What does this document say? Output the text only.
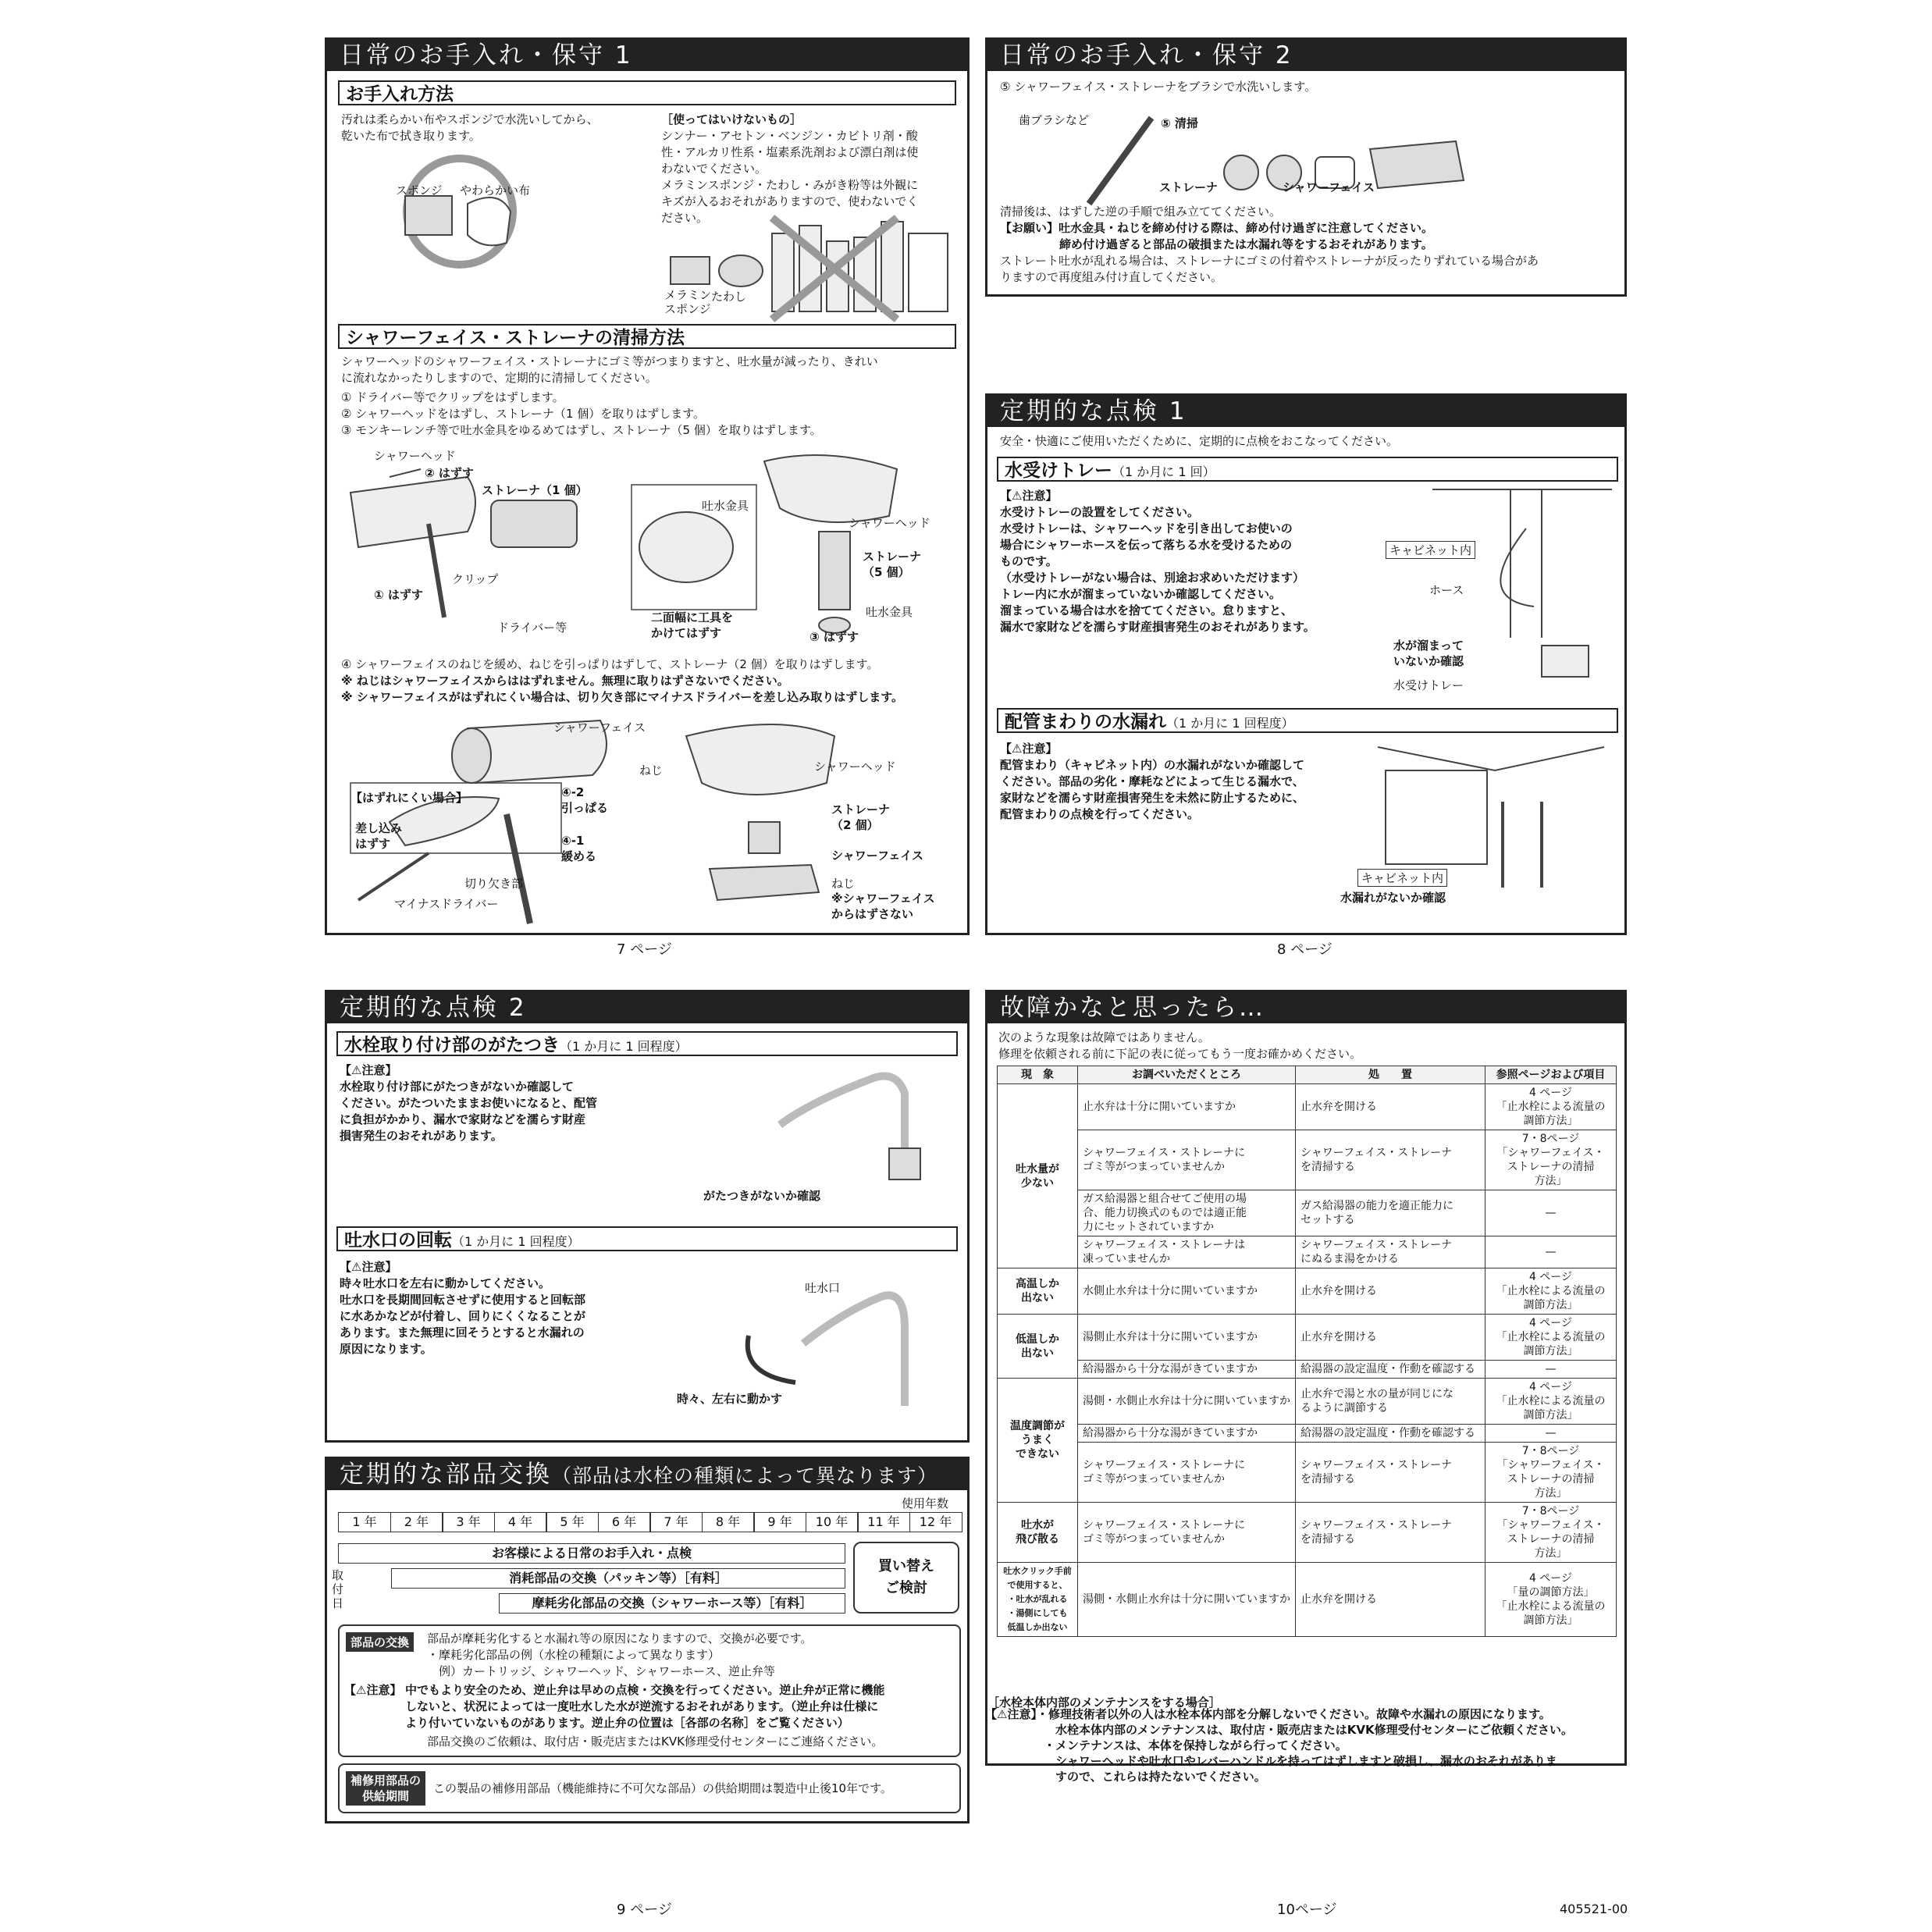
日常のお手入れ・保守 1
お手入れ方法
汚れは柔らかい布やスポンジで水洗いしてから、
乾いた布で拭き取ります。
スポンジ やわらかい布
［使ってはいけないもの］
シンナー・アセトン・ベンジン・カビトリ剤・酸
性・アルカリ性系・塩素系洗剤および漂白剤は使
わないでください。
メラミンスポンジ・たわし・みがき粉等は外観に
キズが入るおそれがありますので、使わないでく
ださい。
メラミン
スポンジ
たわし
シャワーフェイス・ストレーナの清掃方法
シャワーヘッドのシャワーフェイス・ストレーナにゴミ等がつまりますと、吐水量が減ったり、きれい
に流れなかったりしますので、定期的に清掃してください。
① ドライバー等でクリップをはずします。
② シャワーヘッドをはずし、ストレーナ（1 個）を取りはずします。
③ モンキーレンチ等で吐水金具をゆるめてはずし、ストレーナ（5 個）を取りはずします。
シャワーヘッド
② はずす
ストレーナ（1 個）
クリップ
① はずす
ドライバー等
吐水金具
シャワーヘッド
ストレーナ
（5 個）
吐水金具
二面幅に工具を
かけてはずす	③ はずす
④ シャワーフェイスのねじを緩め、ねじを引っぱりはずして、ストレーナ（2 個）を取りはずします。
※ ねじはシャワーフェイスからははずれません。無理に取りはずさないでください。
※ シャワーフェイスがはずれにくい場合は、切り欠き部にマイナスドライバーを差し込み取りはずします。
シャワーフェイス
ねじ
【はずれにくい場合】	④-2
引っぱる
差し込み
はずす	④-1
緩める
切り欠き部
マイナスドライバー
シャワーヘッド
ストレーナ
（2 個）
シャワーフェイス
ねじ
※シャワーフェイス
からはずさない
7 ページ
日常のお手入れ・保守 2
⑤ シャワーフェイス・ストレーナをブラシで水洗いします。
歯ブラシなど	⑤ 清掃
ストレーナ	シャワーフェイス
清掃後は、はずした逆の手順で組み立ててください。
【お願い】吐水金具・ねじを締め付ける際は、締め付け過ぎに注意してください。
締め付け過ぎると部品の破損または水漏れ等をするおそれがあります。
ストレート吐水が乱れる場合は、ストレーナにゴミの付着やストレーナが反ったりずれている場合があ
りますので再度組み付け直してください。
8 ページ
定期的な点検 1
安全・快適にご使用いただくために、定期的に点検をおこなってください。
水受けトレー（1 か月に 1 回）
【⚠注意】
水受けトレーの設置をしてください。
水受けトレーは、シャワーヘッドを引き出してお使いの
場合にシャワーホースを伝って落ちる水を受けるための
ものです。
（水受けトレーがない場合は、別途お求めいただけます）
トレー内に水が溜まっていないか確認してください。
溜まっている場合は水を捨ててください。怠りますと、
漏水で家財などを濡らす財産損害発生のおそれがあります。
キャビネット内
ホース
水が溜まって
いないか確認
水受けトレー
配管まわりの水漏れ（1 か月に 1 回程度）
【⚠注意】
配管まわり（キャビネット内）の水漏れがないか確認して
ください。部品の劣化・摩耗などによって生じる漏水で、
家財などを濡らす財産損害発生を未然に防止するために、
配管まわりの点検を行ってください。
キャビネット内
水漏れがないか確認
定期的な点検 2
水栓取り付け部のがたつき（1 か月に 1 回程度）
【⚠注意】
水栓取り付け部にがたつきがないか確認して
ください。がたついたままお使いになると、配管
に負担がかかり、漏水で家財などを濡らす財産
損害発生のおそれがあります。
がたつきがないか確認
吐水口の回転（1 か月に 1 回程度）
【⚠注意】
時々吐水口を左右に動かしてください。
吐水口を長期間回転させずに使用すると回転部
に水あかなどが付着し、回りにくくなることが
あります。また無理に回そうとすると水漏れの
原因になります。
吐水口
時々、左右に動かす
定期的な部品交換（部品は水栓の種類によって異なります）
使用年数
1 年	2 年	3 年	4 年	5 年	6 年	7 年	8 年	9 年	10 年	11 年	12 年
お客様による日常のお手入れ・点検
消耗部品の交換（パッキン等）［有料］
摩耗劣化部品の交換（シャワーホース等）［有料］
取
付
日
買い替え
ご検討
部品の交換	部品が摩耗劣化すると水漏れ等の原因になりますので、交換が必要です。
・摩耗劣化部品の例（水栓の種類によって異なります）
　例）カートリッジ、シャワーヘッド、シャワーホース、逆止弁等
【⚠注意】 中でもより安全のため、逆止弁は早めの点検・交換を行ってください。逆止弁が正常に機能
しないと、状況によっては一度吐水した水が逆流するおそれがあります。（逆止弁は仕様に
より付いていないものがあります。逆止弁の位置は［各部の名称］をご覧ください）
部品交換のご依頼は、取付店・販売店またはKVK修理受付センターにご連絡ください。
補修用部品の
供給期間
この製品の補修用部品（機能維持に不可欠な部品）の供給期間は製造中止後10年です。
9 ページ
故障かなと思ったら…
次のような現象は故障ではありません。
修理を依頼される前に下記の表に従ってもう一度お確かめください。
現　象	お調べいただくところ	処　　置	参照ページおよび項目
吐水量が
少ない	止水弁は十分に開いていますか	止水弁を開ける	4 ページ
「止水栓による流量の
調節方法」
	シャワーフェイス・ストレーナに
ゴミ等がつまっていませんか	シャワーフェイス・ストレーナ
を清掃する	7・8ページ
「シャワーフェイス・
ストレーナの清掃
方法」
	ガス給湯器と組合せてご使用の場
合、能力切換式のものでは適正能
力にセットされていますか	ガス給湯器の能力を適正能力に
セットする	—
	シャワーフェイス・ストレーナは
凍っていませんか	シャワーフェイス・ストレーナ
にぬるま湯をかける	—
高温しか
出ない	水側止水弁は十分に開いていますか	止水弁を開ける	4 ページ
「止水栓による流量の
調節方法」
低温しか
出ない	湯側止水弁は十分に開いていますか	止水弁を開ける	4 ページ
「止水栓による流量の
調節方法」
	給湯器から十分な湯がきていますか	給湯器の設定温度・作動を確認する	—
温度調節が
うまく
できない	湯側・水側止水弁は十分に開いていますか	止水弁で湯と水の量が同じにな
るように調節する	4 ページ
「止水栓による流量の
調節方法」
	給湯器から十分な湯がきていますか	給湯器の設定温度・作動を確認する	—
	シャワーフェイス・ストレーナに
ゴミ等がつまっていませんか	シャワーフェイス・ストレーナ
を清掃する	7・8ページ
「シャワーフェイス・
ストレーナの清掃
方法」
吐水が
飛び散る	シャワーフェイス・ストレーナに
ゴミ等がつまっていませんか	シャワーフェイス・ストレーナ
を清掃する	7・8ページ
「シャワーフェイス・
ストレーナの清掃
方法」
吐水クリック手前
で使用すると、
・吐水が乱れる
・湯側にしても
低温しか出ない	湯側・水側止水弁は十分に開いていますか	止水弁を開ける	4 ページ
「量の調節方法」
「止水栓による流量の
調節方法」
［水栓本体内部のメンテナンスをする場合］
【⚠注意】・修理技術者以外の人は水栓本体内部を分解しないでください。故障や水漏れの原因になります。
　　　　　　水栓本体内部のメンテナンスは、取付店・販売店またはKVK修理受付センターにご依頼ください。
　　　　　・メンテナンスは、本体を保持しながら行ってください。
　　　　　　シャワーヘッドや吐水口やレバーハンドルを持ってはずしますと破損し、漏水のおそれがありま
　　　　　　すので、これらは持たないでください。
10ページ	405521-00
